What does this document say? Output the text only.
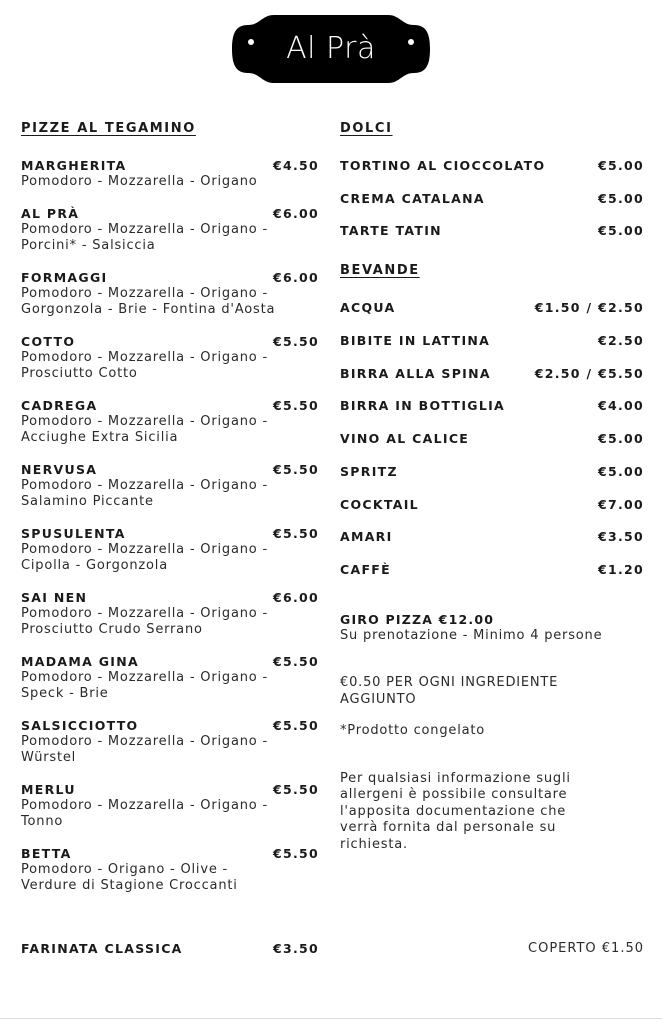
Al Prà
PIZZE AL TEGAMINO
MARGHERITA	€4.50
Pomodoro - Mozzarella - Origano
AL PRÀ	€6.00
Pomodoro - Mozzarella - Origano -
Porcini* - Salsiccia
FORMAGGI	€6.00
Pomodoro - Mozzarella - Origano -
Gorgonzola - Brie - Fontina d'Aosta
COTTO	€5.50
Pomodoro - Mozzarella - Origano -
Prosciutto Cotto
CADREGA	€5.50
Pomodoro - Mozzarella - Origano -
Acciughe Extra Sicilia
NERVUSA	€5.50
Pomodoro - Mozzarella - Origano -
Salamino Piccante
SPUSULENTA	€5.50
Pomodoro - Mozzarella - Origano -
Cipolla - Gorgonzola
SAI NEN	€6.00
Pomodoro - Mozzarella - Origano -
Prosciutto Crudo Serrano
MADAMA GINA	€5.50
Pomodoro - Mozzarella - Origano -
Speck - Brie
SALSICCIOTTO	€5.50
Pomodoro - Mozzarella - Origano -
Würstel
MERLU	€5.50
Pomodoro - Mozzarella - Origano -
Tonno
BETTA	€5.50
Pomodoro - Origano - Olive -
Verdure di Stagione Croccanti
DOLCI
TORTINO AL CIOCCOLATO	€5.00
CREMA CATALANA	€5.00
TARTE TATIN	€5.00
BEVANDE
ACQUA	€1.50 / €2.50
BIBITE IN LATTINA	€2.50
BIRRA ALLA SPINA	€2.50 / €5.50
BIRRA IN BOTTIGLIA	€4.00
VINO AL CALICE	€5.00
SPRITZ	€5.00
COCKTAIL	€7.00
AMARI	€3.50
CAFFÈ	€1.20
GIRO PIZZA €12.00
Su prenotazione - Minimo 4 persone
€0.50 PER OGNI INGREDIENTE
AGGIUNTO
*Prodotto congelato
Per qualsiasi informazione sugli
allergeni è possibile consultare
l'apposita documentazione che
verrà fornita dal personale su
richiesta.
FARINATA CLASSICA	€3.50	COPERTO €1.50
